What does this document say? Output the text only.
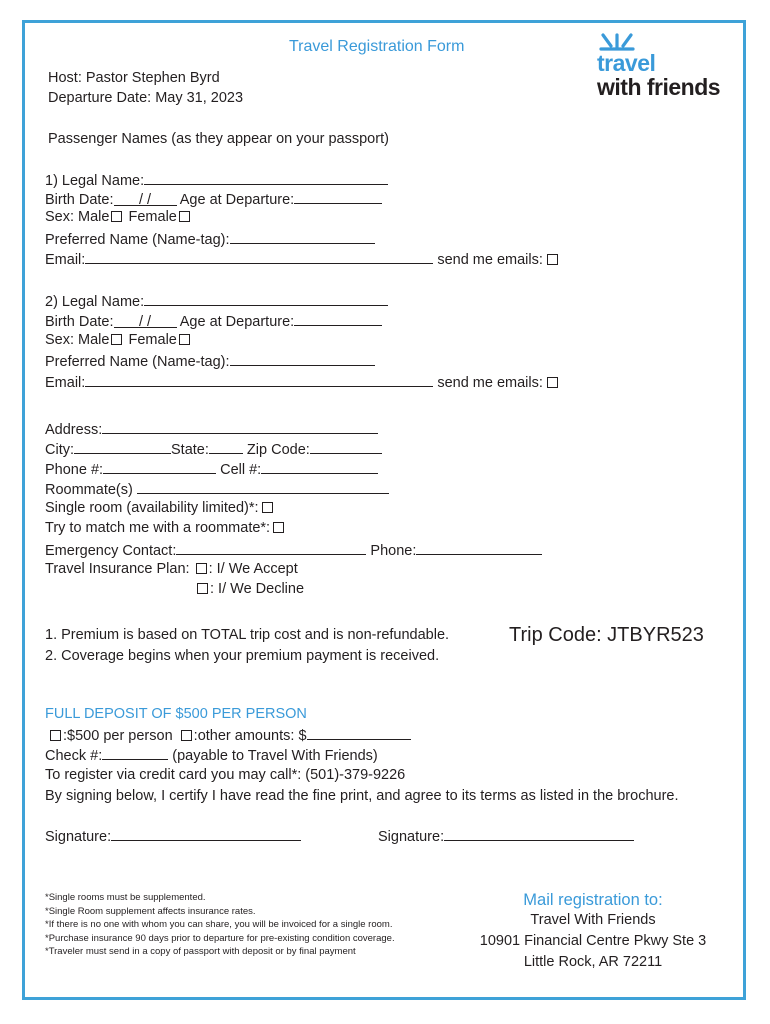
Travel Registration Form
travel
with friends
Host: Pastor Stephen Byrd
Departure Date: May 31, 2023
Passenger Names (as they appear on your passport)
1) Legal Name:
Birth Date: / / Age at Departure:
Sex: Male Female
Preferred Name (Name-tag):
Email:	send me emails:
2) Legal Name:
Birth Date: / / Age at Departure:
Sex: Male Female
Preferred Name (Name-tag):
Email:	send me emails:
Address:
City:	State:	Zip Code:
Phone #:	Cell #:
Roommate(s)
Single room (availability limited)*:
Try to match me with a roommate*:
Emergency Contact:	Phone:
Travel Insurance Plan: : I/ We Accept
: I/ We Decline
1. Premium is based on TOTAL trip cost and is non-refundable.
2. Coverage begins when your premium payment is received.
Trip Code: JTBYR523
FULL DEPOSIT OF $500 PER PERSON
:$500 per person :other amounts: $
Check #:	(payable to Travel With Friends)
To register via credit card you may call*: (501)-379-9226
By signing below, I certify I have read the fine print, and agree to its terms as listed in the brochure.
Signature:	Signature:
*Single rooms must be supplemented.
*Single Room supplement affects insurance rates.
*If there is no one with whom you can share, you will be invoiced for a single room.
*Purchase insurance 90 days prior to departure for pre-existing condition coverage.
*Traveler must send in a copy of passport with deposit or by final payment
Mail registration to:
Travel With Friends
10901 Financial Centre Pkwy Ste 3
Little Rock, AR 72211
